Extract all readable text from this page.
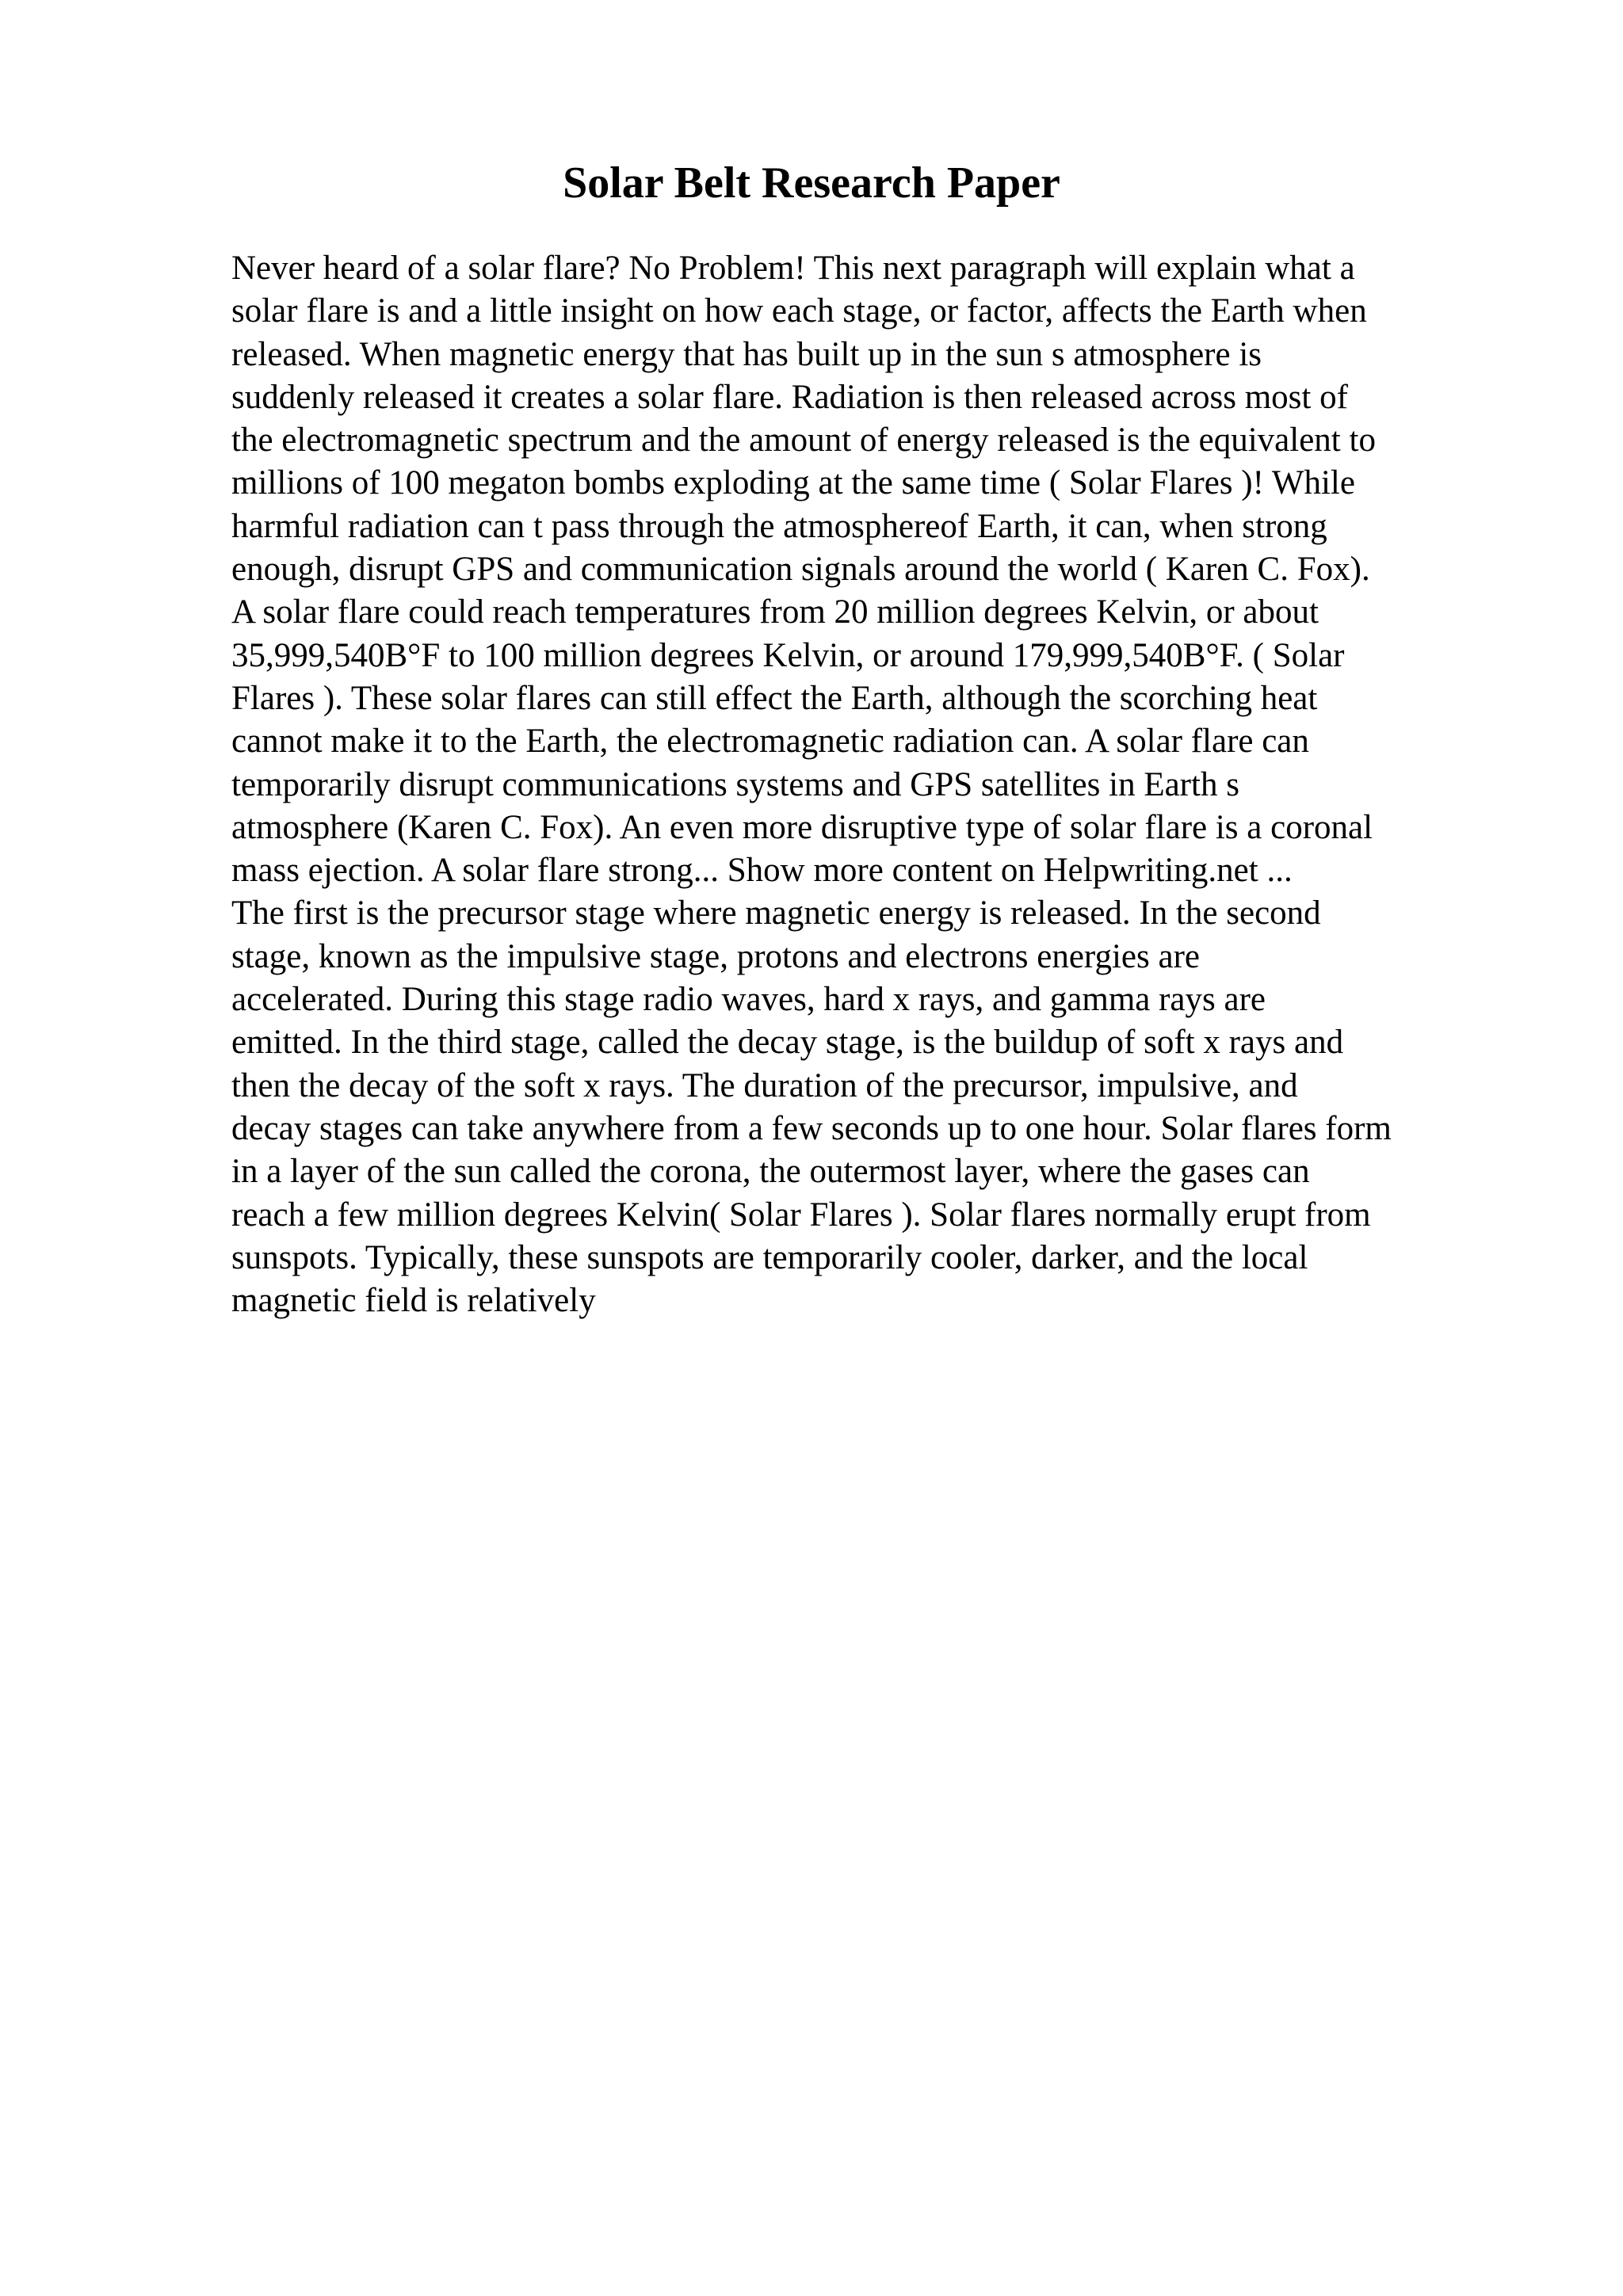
Solar Belt Research Paper
Never heard of a solar flare? No Problem! This next paragraph will explain what a
solar flare is and a little insight on how each stage, or factor, affects the Earth when
released. When magnetic energy that has built up in the sun s atmosphere is
suddenly released it creates a solar flare. Radiation is then released across most of
the electromagnetic spectrum and the amount of energy released is the equivalent to
millions of 100 megaton bombs exploding at the same time ( Solar Flares )! While
harmful radiation can t pass through the atmosphereof Earth, it can, when strong
enough, disrupt GPS and communication signals around the world ( Karen C. Fox).
A solar flare could reach temperatures from 20 million degrees Kelvin, or about
35,999,540B°F to 100 million degrees Kelvin, or around 179,999,540B°F. ( Solar
Flares ). These solar flares can still effect the Earth, although the scorching heat
cannot make it to the Earth, the electromagnetic radiation can. A solar flare can
temporarily disrupt communications systems and GPS satellites in Earth s
atmosphere (Karen C. Fox). An even more disruptive type of solar flare is a coronal
mass ejection. A solar flare strong... Show more content on Helpwriting.net ...
The first is the precursor stage where magnetic energy is released. In the second
stage, known as the impulsive stage, protons and electrons energies are
accelerated. During this stage radio waves, hard x rays, and gamma rays are
emitted. In the third stage, called the decay stage, is the buildup of soft x rays and
then the decay of the soft x rays. The duration of the precursor, impulsive, and
decay stages can take anywhere from a few seconds up to one hour. Solar flares form
in a layer of the sun called the corona, the outermost layer, where the gases can
reach a few million degrees Kelvin( Solar Flares ). Solar flares normally erupt from
sunspots. Typically, these sunspots are temporarily cooler, darker, and the local
magnetic field is relatively
